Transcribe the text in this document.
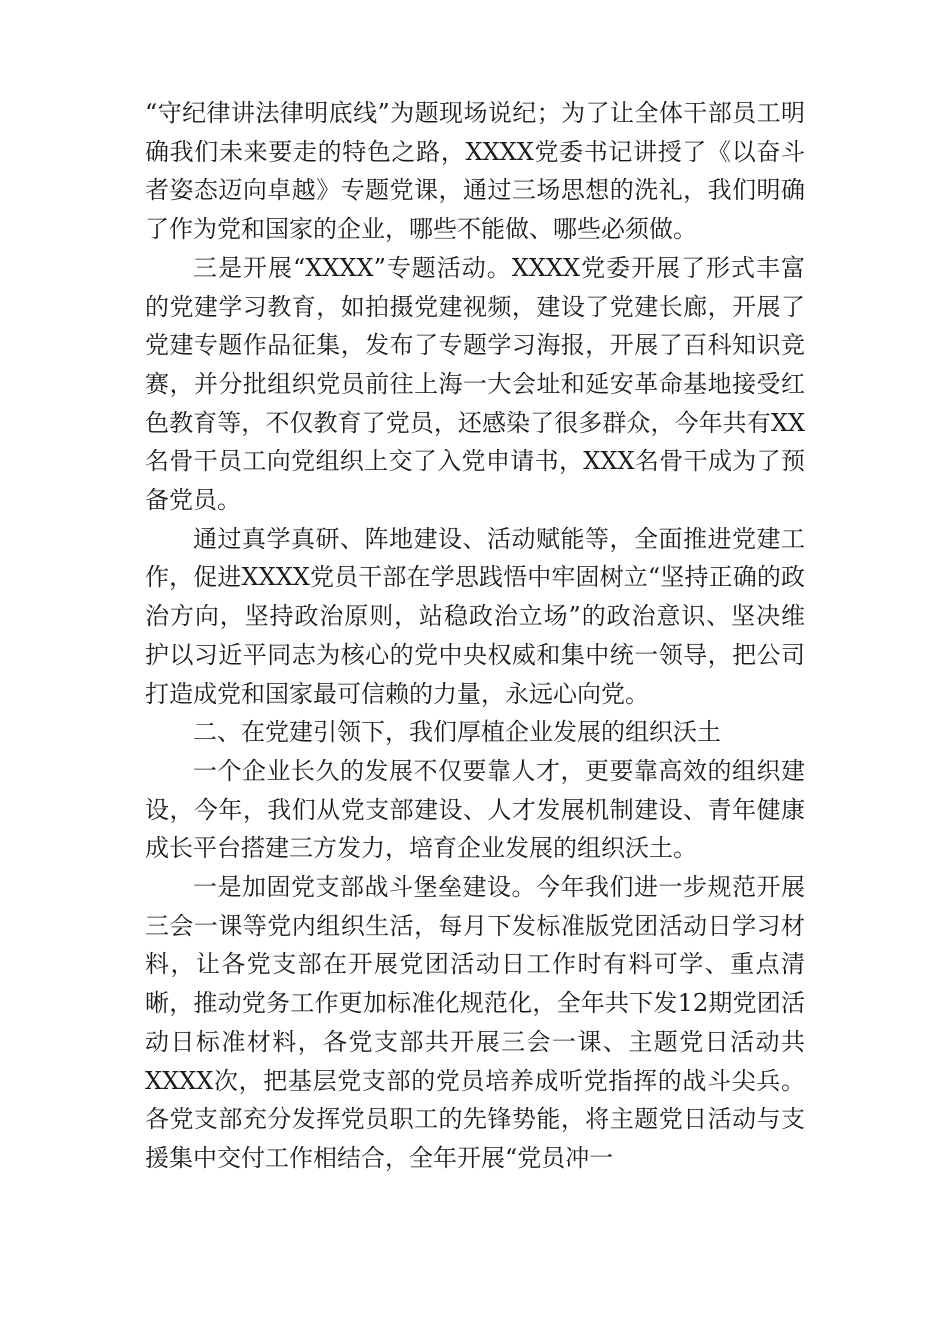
“守纪律讲法律明底线”为题现场说纪；为了让全体干部员工明确我们未来要走的特色之路，XXXX党委书记讲授了《以奋斗者姿态迈向卓越》专题党课，通过三场思想的洗礼，我们明确了作为党和国家的企业，哪些不能做、哪些必须做。

三是开展“XXXX”专题活动。XXXX党委开展了形式丰富的党建学习教育，如拍摄党建视频，建设了党建长廊，开展了党建专题作品征集，发布了专题学习海报，开展了百科知识竞赛，并分批组织党员前往上海一大会址和延安革命基地接受红色教育等，不仅教育了党员，还感染了很多群众，今年共有XX名骨干员工向党组织上交了入党申请书，XXX名骨干成为了预备党员。

通过真学真研、阵地建设、活动赋能等，全面推进党建工作，促进XXXX党员干部在学思践悟中牢固树立“坚持正确的政治方向，坚持政治原则，站稳政治立场”的政治意识、坚决维护以习近平同志为核心的党中央权威和集中统一领导，把公司打造成党和国家最可信赖的力量，永远心向党。

二、在党建引领下，我们厚植企业发展的组织沃土

一个企业长久的发展不仅要靠人才，更要靠高效的组织建设，今年，我们从党支部建设、人才发展机制建设、青年健康成长平台搭建三方发力，培育企业发展的组织沃土。

一是加固党支部战斗堡垒建设。今年我们进一步规范开展三会一课等党内组织生活，每月下发标准版党团活动日学习材料，让各党支部在开展党团活动日工作时有料可学、重点清晰，推动党务工作更加标准化规范化，全年共下发12期党团活动日标准材料，各党支部共开展三会一课、主题党日活动共XXXX次，把基层党支部的党员培养成听党指挥的战斗尖兵。各党支部充分发挥党员职工的先锋势能，将主题党日活动与支援集中交付工作相结合，全年开展“党员冲一
